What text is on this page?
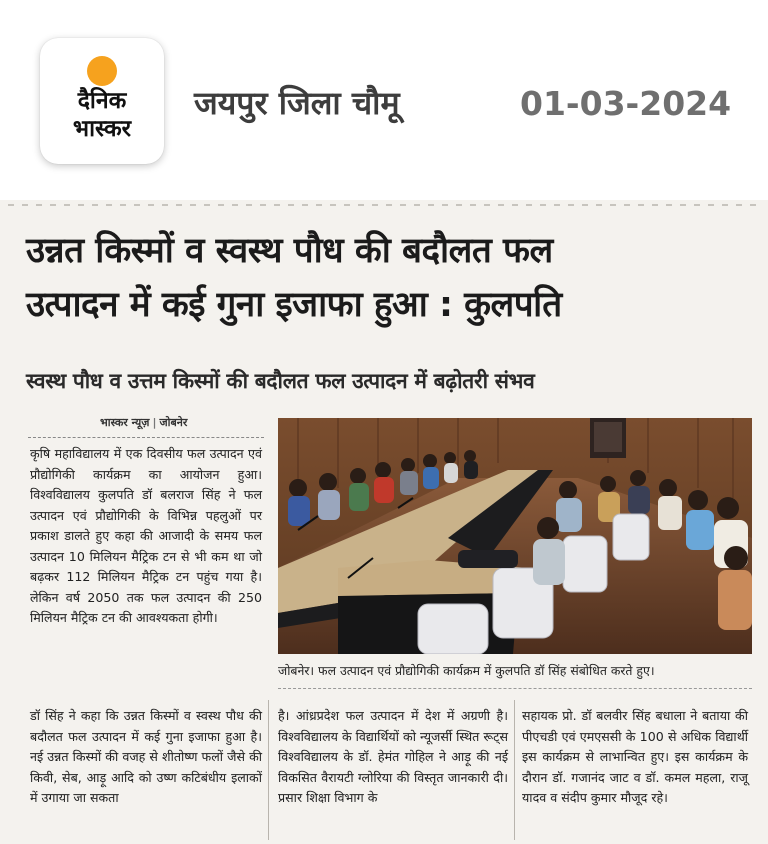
दैनिक
भास्कर
जयपुर जिला चौमू	01-03-2024
उन्नत किस्मों व स्वस्थ पौध की बदौलत फल
उत्पादन में कई गुना इजाफा हुआ : कुलपति
स्वस्थ पौध व उत्तम किस्मों की बदौलत फल उत्पादन में बढ़ोतरी संभव
भास्कर न्यूज़ | जोबनेर

कृषि महाविद्यालय में एक दिवसीय फल उत्पादन एवं प्रौद्योगिकी कार्यक्रम का आयोजन हुआ। विश्वविद्यालय कुलपति डॉ बलराज सिंह ने फल उत्पादन एवं प्रौद्योगिकी के विभिन्न पहलुओं पर प्रकाश डालते हुए कहा की आजादी के समय फल उत्पादन 10 मिलियन मैट्रिक टन से भी कम था जो बढ़कर 112 मिलियन मैट्रिक टन पहुंच गया है। लेकिन वर्ष 2050 तक फल उत्पादन की 250 मिलियन मैट्रिक टन की आवश्यकता होगी।

जोबनेर। फल उत्पादन एवं प्रौद्योगिकी कार्यक्रम में कुलपति डॉ सिंह संबोधित करते हुए।

डॉ सिंह ने कहा कि उन्नत किस्मों व स्वस्थ पौध की बदौलत फल उत्पादन में कई गुना इजाफा हुआ है। नई उन्नत किस्मों की वजह से शीतोष्ण फलों जैसे की किवी, सेब, आड़ू आदि को उष्ण कटिबंधीय इलाकों में उगाया जा सकता

है। आंध्रप्रदेश फल उत्पादन में देश में अग्रणी है। विश्वविद्यालय के विद्यार्थियों को न्यूजर्सी स्थित रूट्स विश्वविद्यालय के डॉ. हेमंत गोहिल ने आड़ू की नई विकसित वैरायटी ग्लोरिया की विस्तृत जानकारी दी। प्रसार शिक्षा विभाग के

सहायक प्रो. डॉ बलवीर सिंह बधाला ने बताया की पीएचडी एवं एमएससी के 100 से अधिक विद्यार्थी इस कार्यक्रम से लाभान्वित हुए। इस कार्यक्रम के दौरान डॉ. गजानंद जाट व डॉ. कमल महला, राजू यादव व संदीप कुमार मौजूद रहे।
